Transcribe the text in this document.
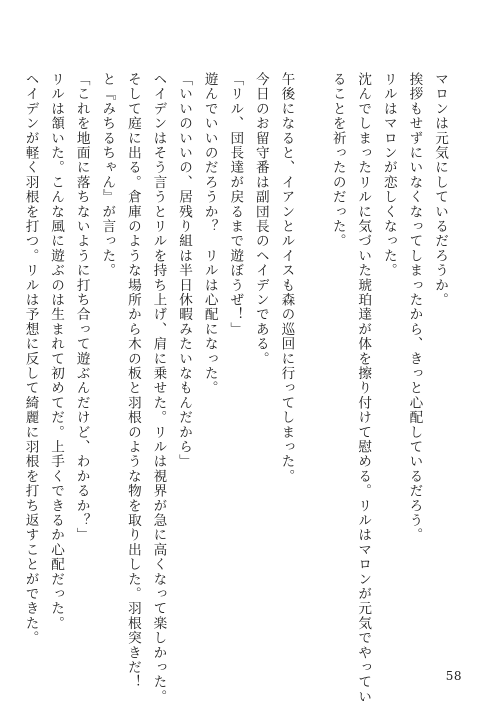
マロンは元気にしているだろうか。
挨拶もせずにいなくなってしまったから、きっと心配しているだろう。
リルはマロンが恋しくなった。
沈んでしまったリルに気づいた琥珀達が体を擦り付けて慰める。リルはマロンが元気でやってい
ることを祈ったのだった。
午後になると、イアンとルイスも森の巡回に行ってしまった。
今日のお留守番は副団長のヘイデンである。
「リル、団長達が戻るまで遊ぼうぜ！」
遊んでいいのだろうか？　リルは心配になった。
「いいのいいの、居残り組は半日休暇みたいなもんだから」
ヘイデンはそう言うとリルを持ち上げ、肩に乗せた。リルは視界が急に高くなって楽しかった。
そして庭に出る。倉庫のような場所から木の板と羽根のような物を取り出した。羽根突きだ！
と『みちるちゃん』が言った。
「これを地面に落ちないように打ち合って遊ぶんだけど、わかるか？」
リルは頷いた。こんな風に遊ぶのは生まれて初めてだ。上手くできるか心配だった。
ヘイデンが軽く羽根を打つ。リルは予想に反して綺麗に羽根を打ち返すことができた。
58
